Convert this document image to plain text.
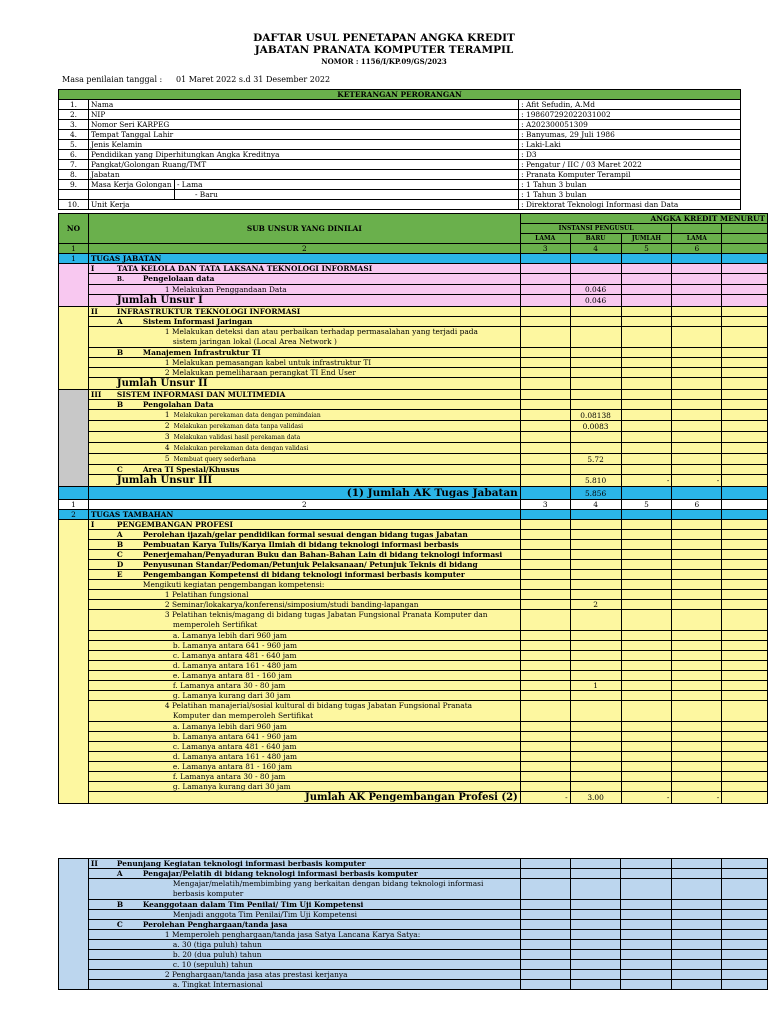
DAFTAR USUL PENETAPAN ANGKA KREDIT
JABATAN PRANATA KOMPUTER TERAMPIL
NOMOR : 1156/I/KP.09/GS/2023
Masa penilaian tanggal : 01 Maret 2022 s.d 31 Desember 2022
KETERANGAN PERORANGAN			
1.	Nama		: Afit Sefudin, A.Md
2.	NIP		: 198607292022031002
3.	Nomor Seri KARPEG		: A202300051309
4.	Tempat Tanggal Lahir		: Banyumas, 29 Juli 1986
5.	Jenis Kelamin		: Laki-Laki
6.	Pendidikan yang Diperhitungkan Angka Kreditnya		: D3
7.	Pangkat/Golongan Ruang/TMT		: Pengatur / IIC / 03 Maret 2022
8.	Jabatan		: Pranata Komputer Terampil
9.	Masa Kerja Golongan	- Lama	: 1 Tahun 3 bulan
		- Baru	: 1 Tahun 3 bulan
10.	Unit Kerja		: Direktorat Teknologi Informasi dan Data
NO	SUB UNSUR YANG DINILAI	ANGKA KREDIT MENURUT				
		INSTANSI PENGUSUL				
		LAMA	BARU	JUMLAH	LAMA	
1	2	3	4	5	6	
1	TUGAS JABATAN					
	I TATA KELOLA DAN TATA LAKSANA TEKNOLOGI INFORMASI					
	B. Pengelolaan data					
	1 Melakukan Penggandaan Data		0.046			
	Jumlah Unsur I		0.046			
	II INFRASTRUKTUR TEKNOLOGI INFORMASI					
	A Sistem Informasi Jaringan					

	1 Melakukan deteksi dan atau perbaikan terhadap permasalahan yang terjadi pada
sistem jaringan lokal (Local Area Network )					

	B Manajemen Infrastruktur TI					
	1 Melakukan pemasangan kabel untuk infrastruktur TI					
	2 Melakukan pemeliharaan perangkat TI End User					
	Jumlah Unsur II					
	III SISTEM INFORMASI DAN MULTIMEDIA					
	B Pengolahan Data					
	1 Melakukan perekaman data dengan pemindaian		0.08138			
	2 Melakukan perekaman data tanpa validasi		0.0083			
	3 Melakukan validasi hasil perekaman data					
	4 Melakukan perekaman data dengan validasi					
	5 Membuat query sederhana		5.72			
	C Area TI Spesial/Khusus					
	Jumlah Unsur III		5.810	-	-	
	(1) Jumlah AK Tugas Jabatan		5.856			
1	2	3	4	5	6	
2	TUGAS TAMBAHAN					
	I PENGEMBANGAN PROFESI					
	A Perolehan ijazah/gelar pendidikan formal sesuai dengan bidang tugas Jabatan					
	B Pembuatan Karya Tulis/Karya Ilmiah di bidang teknologi informasi berbasis					
	C Penerjemahan/Penyaduran Buku dan Bahan-Bahan Lain di bidang teknologi informasi					
	D Penyusunan Standar/Pedoman/Petunjuk Pelaksanaan/ Petunjuk Teknis di bidang					
	E Pengembangan Kompetensi di bidang teknologi informasi berbasis komputer					
	Mengikuti kegiatan pengembangan kompetensi:					
	1 Pelatihan fungsional					
	2 Seminar/lokakarya/konferensi/simposium/studi banding-lapangan		2			

	3 Pelatihan teknis/magang di bidang tugas Jabatan Fungsional Pranata Komputer dan
memperoleh Sertifikat					

	a. Lamanya lebih dari 960 jam					
	b. Lamanya antara 641 - 960 jam					
	c. Lamanya antara 481 - 640 jam					
	d. Lamanya antara 161 - 480 jam					
	e. Lamanya antara 81 - 160 jam					
	f. Lamanya antara 30 - 80 jam		1			
	g. Lamanya kurang dari 30 jam					

	4 Pelatihan manajerial/sosial kultural di bidang tugas Jabatan Fungsional Pranata
Komputer dan memperoleh Sertifikat					

	a. Lamanya lebih dari 960 jam					
	b. Lamanya antara 641 - 960 jam					
	c. Lamanya antara 481 - 640 jam					
	d. Lamanya antara 161 - 480 jam					
	e. Lamanya antara 81 - 160 jam					
	f. Lamanya antara 30 - 80 jam					
	g. Lamanya kurang dari 30 jam					
	Jumlah AK Pengembangan Profesi (2)	-	3.00	-	-	
	II Penunjang Kegiatan teknologi informasi berbasis komputer					
	A Pengajar/Pelatih di bidang teknologi informasi berbasis komputer					

	Mengajar/melatih/membimbing yang berkaitan dengan bidang teknologi informasi
berbasis komputer					

	B Keanggotaan dalam Tim Penilai/ Tim Uji Kompetensi					
	Menjadi anggota Tim Penilai/Tim Uji Kompetensi					
	C Perolehan Penghargaan/tanda jasa					
	1 Memperoleh penghargaan/tanda jasa Satya Lancana Karya Satya:					
	a. 30 (tiga puluh) tahun					
	b. 20 (dua puluh) tahun					
	c. 10 (sepuluh) tahun					
	2 Penghargaan/tanda jasa atas prestasi kerjanya					
	a. Tingkat Internasional					
